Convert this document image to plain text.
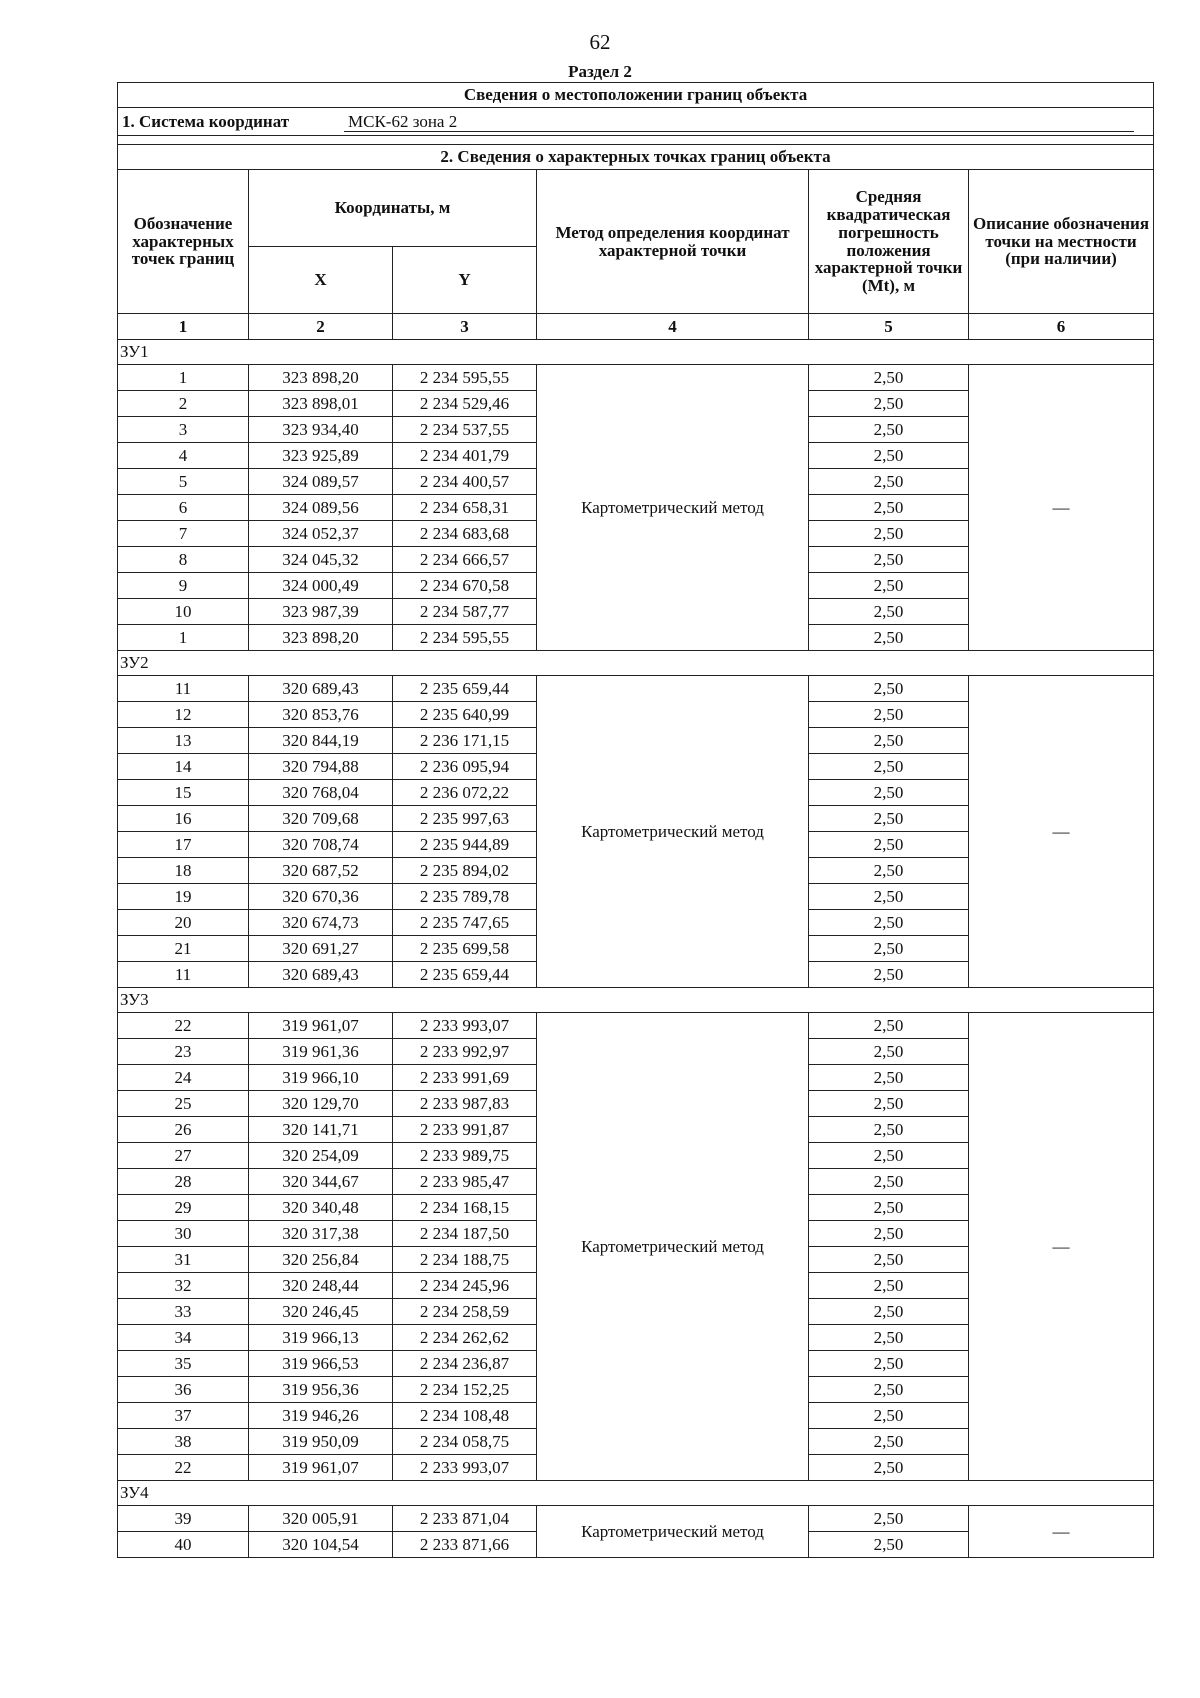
62
Раздел 2
Сведения о местоположении границ объекта					
1. Система координат МСК-62 зона 2					

2. Сведения о характерных точках границ объекта					
Обозначение характерных точек границ	Координаты, м		Метод определения координат характерной точки	Средняя квадратическая погрешность положения характерной точки (Mt), м	Описание обозначения точки на местности (при наличии)
	X	Y			
1	2	3	4	5	6
ЗУ1					
1	323 898,20	2 234 595,55	Картометрический метод	2,50	—
2	323 898,01	2 234 529,46		2,50	
3	323 934,40	2 234 537,55		2,50	
4	323 925,89	2 234 401,79		2,50	
5	324 089,57	2 234 400,57		2,50	
6	324 089,56	2 234 658,31		2,50	
7	324 052,37	2 234 683,68		2,50	
8	324 045,32	2 234 666,57		2,50	
9	324 000,49	2 234 670,58		2,50	
10	323 987,39	2 234 587,77		2,50	
1	323 898,20	2 234 595,55		2,50	
ЗУ2					
11	320 689,43	2 235 659,44	Картометрический метод	2,50	—
12	320 853,76	2 235 640,99		2,50	
13	320 844,19	2 236 171,15		2,50	
14	320 794,88	2 236 095,94		2,50	
15	320 768,04	2 236 072,22		2,50	
16	320 709,68	2 235 997,63		2,50	
17	320 708,74	2 235 944,89		2,50	
18	320 687,52	2 235 894,02		2,50	
19	320 670,36	2 235 789,78		2,50	
20	320 674,73	2 235 747,65		2,50	
21	320 691,27	2 235 699,58		2,50	
11	320 689,43	2 235 659,44		2,50	
ЗУ3					
22	319 961,07	2 233 993,07	Картометрический метод	2,50	—
23	319 961,36	2 233 992,97		2,50	
24	319 966,10	2 233 991,69		2,50	
25	320 129,70	2 233 987,83		2,50	
26	320 141,71	2 233 991,87		2,50	
27	320 254,09	2 233 989,75		2,50	
28	320 344,67	2 233 985,47		2,50	
29	320 340,48	2 234 168,15		2,50	
30	320 317,38	2 234 187,50		2,50	
31	320 256,84	2 234 188,75		2,50	
32	320 248,44	2 234 245,96		2,50	
33	320 246,45	2 234 258,59		2,50	
34	319 966,13	2 234 262,62		2,50	
35	319 966,53	2 234 236,87		2,50	
36	319 956,36	2 234 152,25		2,50	
37	319 946,26	2 234 108,48		2,50	
38	319 950,09	2 234 058,75		2,50	
22	319 961,07	2 233 993,07		2,50	
ЗУ4					
39	320 005,91	2 233 871,04	Картометрический метод	2,50	—
40	320 104,54	2 233 871,66		2,50	
